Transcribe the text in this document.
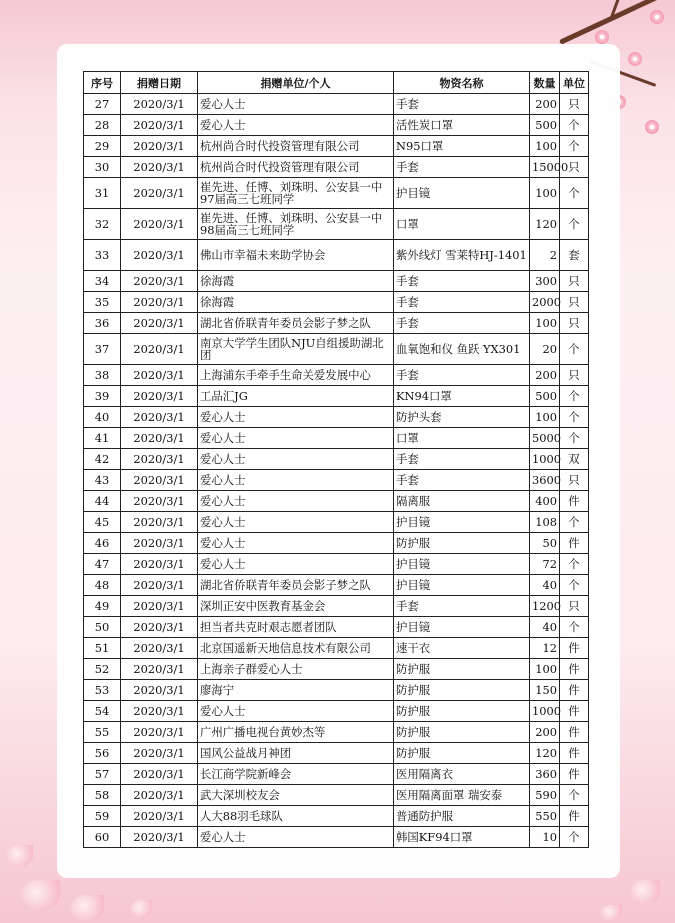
序号	捐赠日期	捐赠单位/个人	物资名称	数量	单位
27	2020/3/1	爱心人士	手套	200	只
28	2020/3/1	爱心人士	活性炭口罩	500	个
29	2020/3/1	杭州尚合时代投资管理有限公司	N95口罩	100	个
30	2020/3/1	杭州尚合时代投资管理有限公司	手套	15000	只
31	2020/3/1	崔先进、任博、刘珠明、公安县一中97届高三七班同学	护目镜	100	个
32	2020/3/1	崔先进、任博、刘珠明、公安县一中98届高三七班同学	口罩	120	个
33	2020/3/1	佛山市幸福未来助学协会	紫外线灯 雪莱特HJ-1401	2	套
34	2020/3/1	徐海霞	手套	300	只
35	2020/3/1	徐海霞	手套	2000	只
36	2020/3/1	湖北省侨联青年委员会影子梦之队	手套	100	只
37	2020/3/1	南京大学学生团队NJU自组援助湖北团	血氧饱和仪 鱼跃 YX301	20	个
38	2020/3/1	上海浦东手牵手生命关爱发展中心	手套	200	只
39	2020/3/1	工品汇JG	KN94口罩	500	个
40	2020/3/1	爱心人士	防护头套	100	个
41	2020/3/1	爱心人士	口罩	5000	个
42	2020/3/1	爱心人士	手套	1000	双
43	2020/3/1	爱心人士	手套	3600	只
44	2020/3/1	爱心人士	隔离服	400	件
45	2020/3/1	爱心人士	护目镜	108	个
46	2020/3/1	爱心人士	防护服	50	件
47	2020/3/1	爱心人士	护目镜	72	个
48	2020/3/1	湖北省侨联青年委员会影子梦之队	护目镜	40	个
49	2020/3/1	深圳正安中医教育基金会	手套	1200	只
50	2020/3/1	担当者共克时艰志愿者团队	护目镜	40	个
51	2020/3/1	北京国遥新天地信息技术有限公司	速干衣	12	件
52	2020/3/1	上海亲子群爱心人士	防护服	100	件
53	2020/3/1	廖海宁	防护服	150	件
54	2020/3/1	爱心人士	防护服	1000	件
55	2020/3/1	广州广播电视台黄妙杰等	防护服	200	件
56	2020/3/1	国风公益战月神团	防护服	120	件
57	2020/3/1	长江商学院新峰会	医用隔离衣	360	件
58	2020/3/1	武大深圳校友会	医用隔离面罩 瑞安泰	590	个
59	2020/3/1	人大88羽毛球队	普通防护服	550	件
60	2020/3/1	爱心人士	韩国KF94口罩	10	个
